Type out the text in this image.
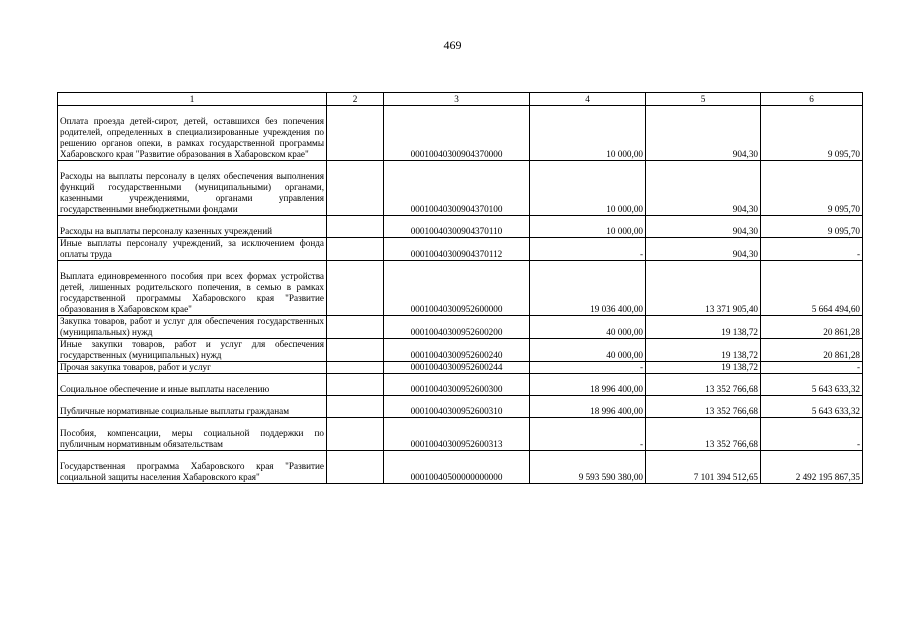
469
1	2	3	4	5	6
Оплата проезда детей-сирот, детей, оставшихся без попечения родителей, определенных в специализированные учреждения по решению органов опеки, в рамках государственной программы Хабаровского края "Развитие образования в Хабаровском крае"		00010040300904370000	10 000,00	904,30	9 095,70
Расходы на выплаты персоналу в целях обеспечения выполнения функций государственными (муниципальными) органами, казенными учреждениями, органами управления государственными внебюджетными фондами		00010040300904370100	10 000,00	904,30	9 095,70
Расходы на выплаты персоналу казенных учреждений		00010040300904370110	10 000,00	904,30	9 095,70
Иные выплаты персоналу учреждений, за исключением фонда оплаты труда		00010040300904370112	-	904,30	-
Выплата единовременного пособия при всех формах устройства детей, лишенных родительского попечения, в семью в рамках государственной программы Хабаровского края "Развитие образования в Хабаровском крае"		00010040300952600000	19 036 400,00	13 371 905,40	5 664 494,60
Закупка товаров, работ и услуг для обеспечения государственных (муниципальных) нужд		00010040300952600200	40 000,00	19 138,72	20 861,28
Иные закупки товаров, работ и услуг для обеспечения государственных (муниципальных) нужд		00010040300952600240	40 000,00	19 138,72	20 861,28
Прочая закупка товаров, работ и услуг		00010040300952600244	-	19 138,72	-
Социальное обеспечение и иные выплаты населению		00010040300952600300	18 996 400,00	13 352 766,68	5 643 633,32
Публичные нормативные социальные выплаты гражданам		00010040300952600310	18 996 400,00	13 352 766,68	5 643 633,32
Пособия, компенсации, меры социальной поддержки по публичным нормативным обязательствам		00010040300952600313	-	13 352 766,68	-
Государственная программа Хабаровского края "Развитие социальной защиты населения Хабаровского края"		00010040500000000000	9 593 590 380,00	7 101 394 512,65	2 492 195 867,35
